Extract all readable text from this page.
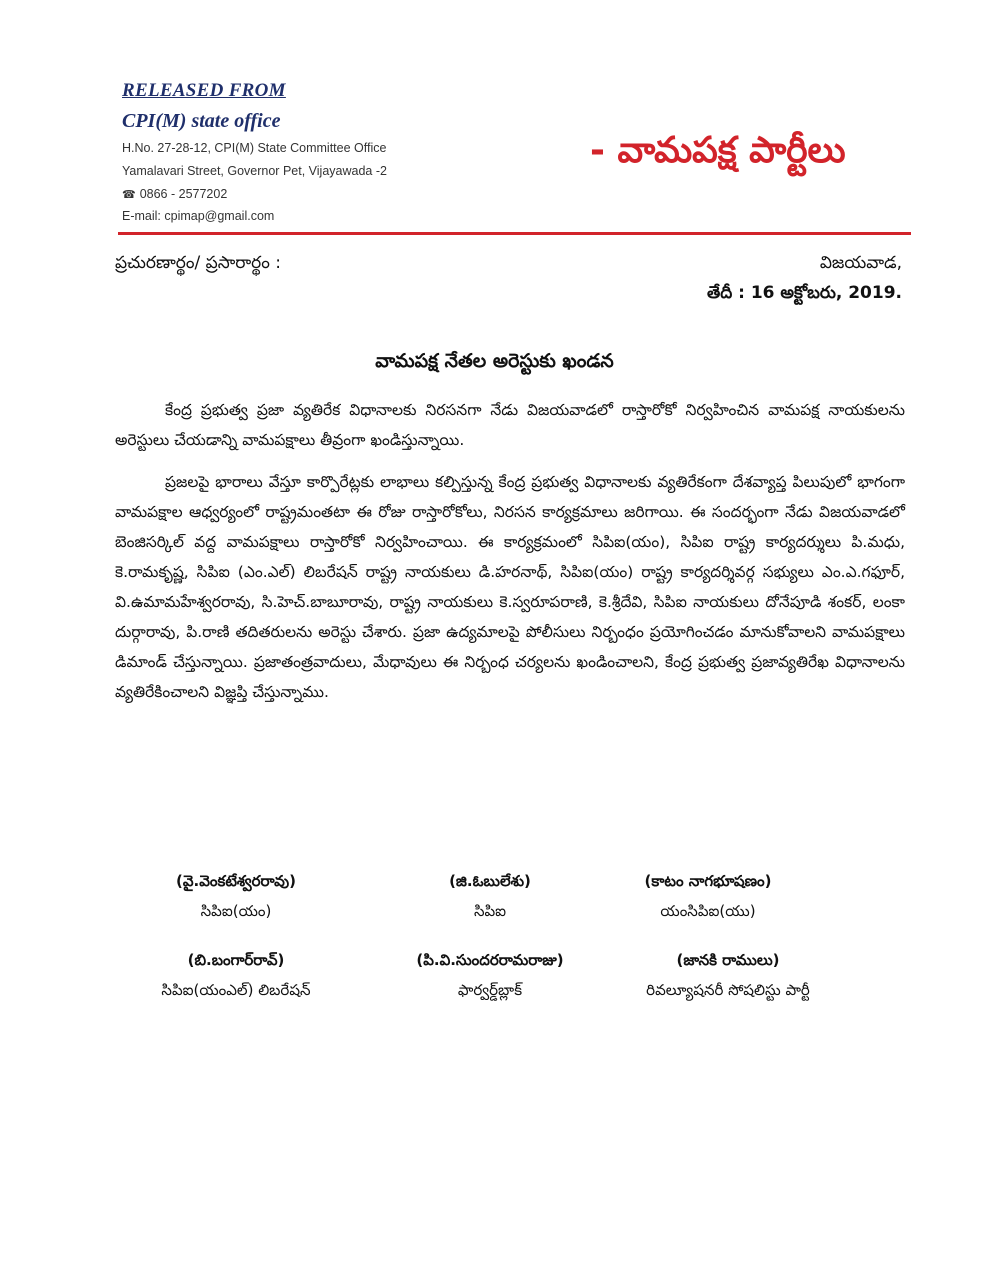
RELEASED FROM
CPI(M) state office
H.No. 27-28-12, CPI(M) State Committee Office
Yamalavari Street, Governor Pet, Vijayawada -2
☎ 0866 - 2577202
E-mail: cpimap@gmail.com
- వామపక్ష పార్టీలు
ప్రచురణార్థం/ ప్రసారార్థం :	విజయవాడ,
తేదీ : 16 అక్టోబరు, 2019.
వామపక్ష నేతల అరెస్టుకు ఖండన

కేంద్ర ప్రభుత్వ ప్రజా వ్యతిరేక విధానాలకు నిరసనగా నేడు విజయవాడలో రాస్తారోకో నిర్వహించిన వామపక్ష నాయకులను అరెస్టులు చేయడాన్ని వామపక్షాలు తీవ్రంగా ఖండిస్తున్నాయి.

ప్రజలపై భారాలు వేస్తూ కార్పొరేట్లకు లాభాలు కల్పిస్తున్న కేంద్ర ప్రభుత్వ విధానాలకు వ్యతిరేకంగా దేశవ్యాప్త పిలుపులో భాగంగా వామపక్షాల ఆధ్వర్యంలో రాష్ట్రమంతటా ఈ రోజు రాస్తారోకోలు, నిరసన కార్యక్రమాలు జరిగాయి. ఈ సందర్భంగా నేడు విజయవాడలో బెంజిసర్కిల్ వద్ద వామపక్షాలు రాస్తారోకో నిర్వహించాయి. ఈ కార్యక్రమంలో సిపిఐ(యం), సిపిఐ రాష్ట్ర కార్యదర్శులు పి.మధు, కె.రామకృష్ణ, సిపిఐ (ఎం.ఎల్) లిబరేషన్ రాష్ట్ర నాయకులు డి.హరనాథ్, సిపిఐ(యం) రాష్ట్ర కార్యదర్శివర్గ సభ్యులు ఎం.ఎ.గఫూర్, వి.ఉమామహేశ్వరరావు, సి.హెచ్.బాబూరావు, రాష్ట్ర నాయకులు కె.స్వరూపరాణి, కె.శ్రీదేవి, సిపిఐ నాయకులు దోనేపూడి శంకర్, లంకా దుర్గారావు, పి.రాణి తదితరులను అరెస్టు చేశారు. ప్రజా ఉద్యమాలపై పోలీసులు నిర్బంధం ప్రయోగించడం మానుకోవాలని వామపక్షాలు డిమాండ్ చేస్తున్నాయి. ప్రజాతంత్రవాదులు, మేధావులు ఈ నిర్బంధ చర్యలను ఖండించాలని, కేంద్ర ప్రభుత్వ ప్రజావ్యతిరేఖ విధానాలను వ్యతిరేకించాలని విజ్ఞప్తి చేస్తున్నాము.

(వై.వెంకటేశ్వరరావు)
సిపిఐ(యం)
(జి.ఓబులేశు)
సిపిఐ
(కాటం నాగభూషణం)
యంసిపిఐ(యు)
(బి.బంగార్‌రావ్)
సిపిఐ(యంఎల్) లిబరేషన్
(పి.వి.సుందరరామరాజు)
ఫార్వర్డ్‌బ్లాక్
(జానకి రాములు)
రివల్యూషనరీ సోషలిస్టు పార్టీ
